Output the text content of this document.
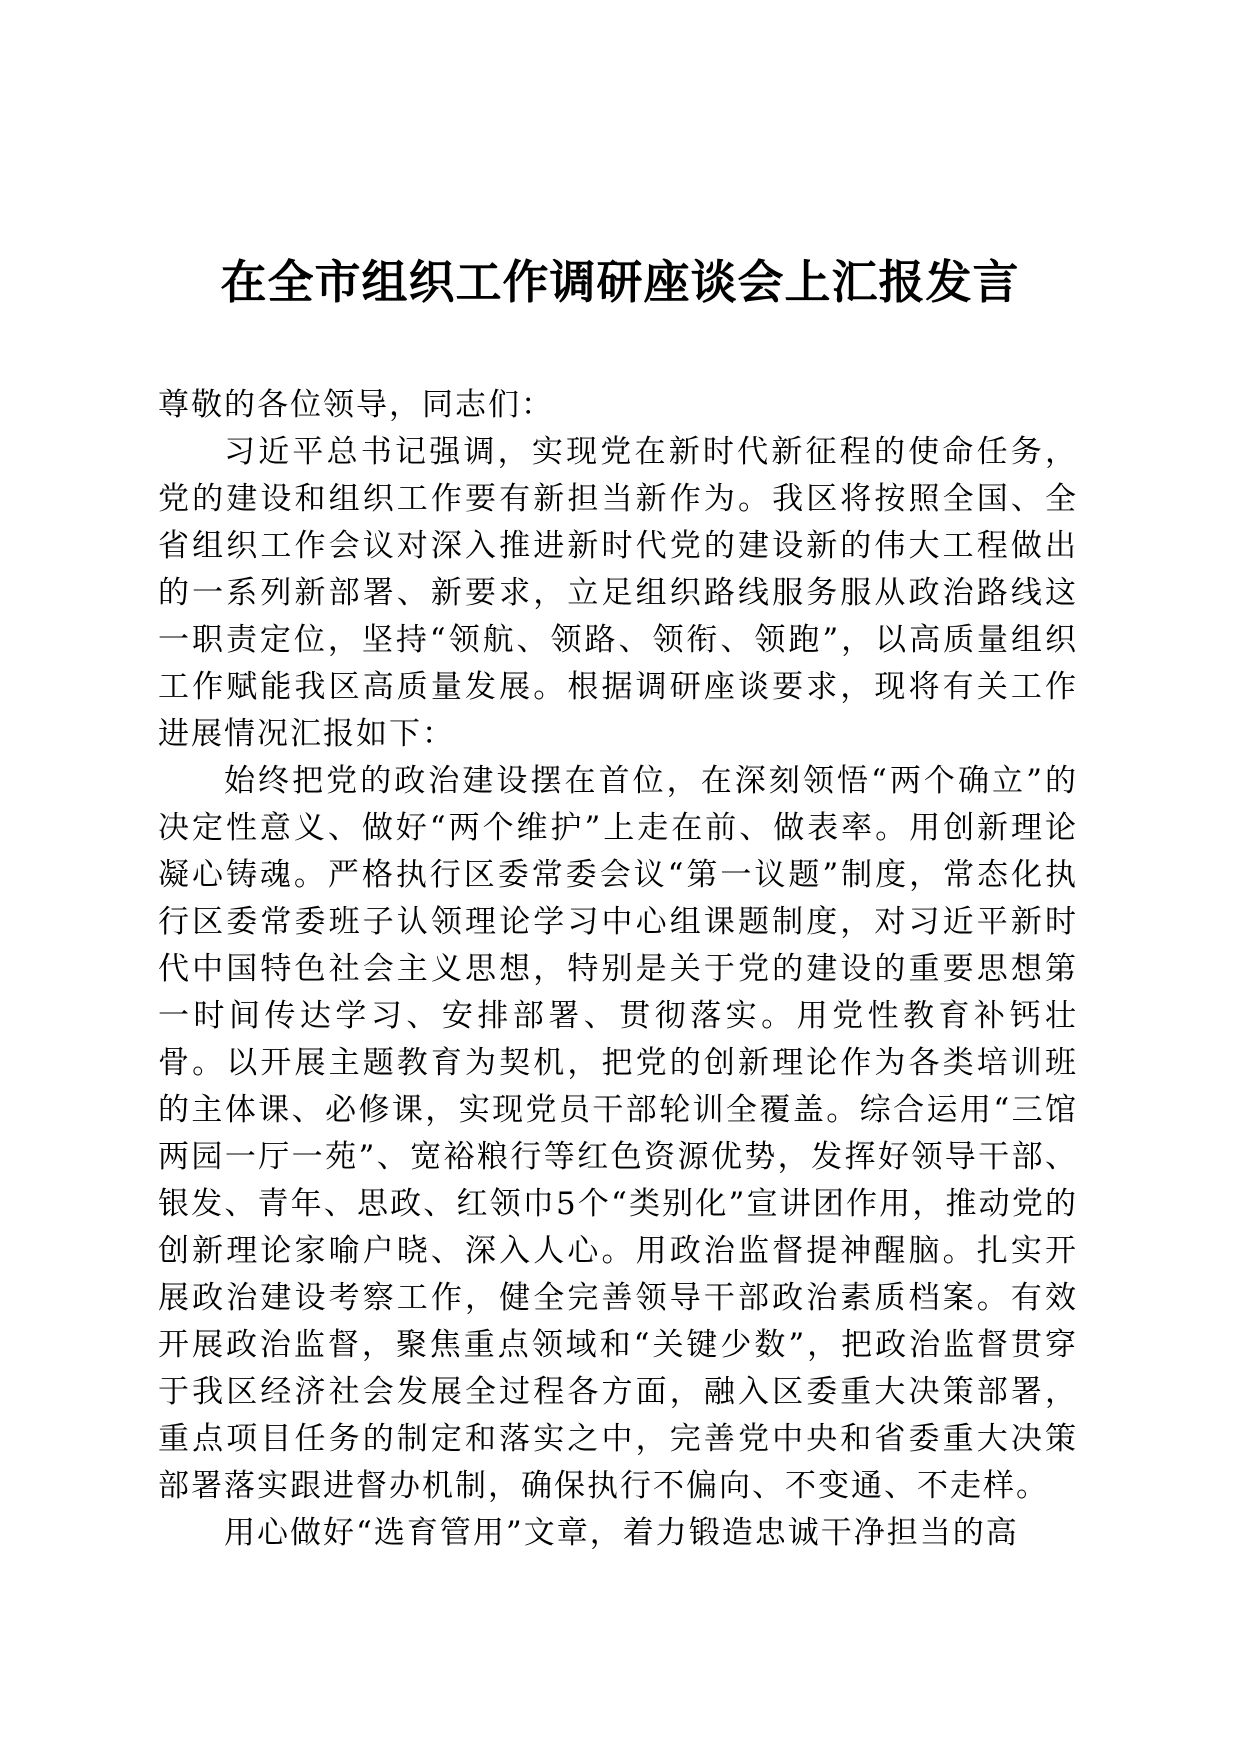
在全市组织工作调研座谈会上汇报发言

尊敬的各位领导，同志们：

习近平总书记强调，实现党在新时代新征程的使命任务，党的建设和组织工作要有新担当新作为。我区将按照全国、全省组织工作会议对深入推进新时代党的建设新的伟大工程做出的一系列新部署、新要求，立足组织路线服务服从政治路线这一职责定位，坚持“领航、领路、领衔、领跑”，以高质量组织工作赋能我区高质量发展。根据调研座谈要求，现将有关工作进展情况汇报如下：

始终把党的政治建设摆在首位，在深刻领悟“两个确立”的决定性意义、做好“两个维护”上走在前、做表率。用创新理论凝心铸魂。严格执行区委常委会议“第一议题”制度，常态化执行区委常委班子认领理论学习中心组课题制度，对习近平新时代中国特色社会主义思想，特别是关于党的建设的重要思想第一时间传达学习、安排部署、贯彻落实。用党性教育补钙壮骨。以开展主题教育为契机，把党的创新理论作为各类培训班的主体课、必修课，实现党员干部轮训全覆盖。综合运用“三馆两园一厅一苑”、宽裕粮行等红色资源优势，发挥好领导干部、银发、青年、思政、红领巾5个“类别化”宣讲团作用，推动党的创新理论家喻户晓、深入人心。用政治监督提神醒脑。扎实开展政治建设考察工作，健全完善领导干部政治素质档案。有效开展政治监督，聚焦重点领域和“关键少数”，把政治监督贯穿于我区经济社会发展全过程各方面，融入区委重大决策部署，重点项目任务的制定和落实之中，完善党中央和省委重大决策部署落实跟进督办机制，确保执行不偏向、不变通、不走样。

用心做好“选育管用”文章，着力锻造忠诚干净担当的高
